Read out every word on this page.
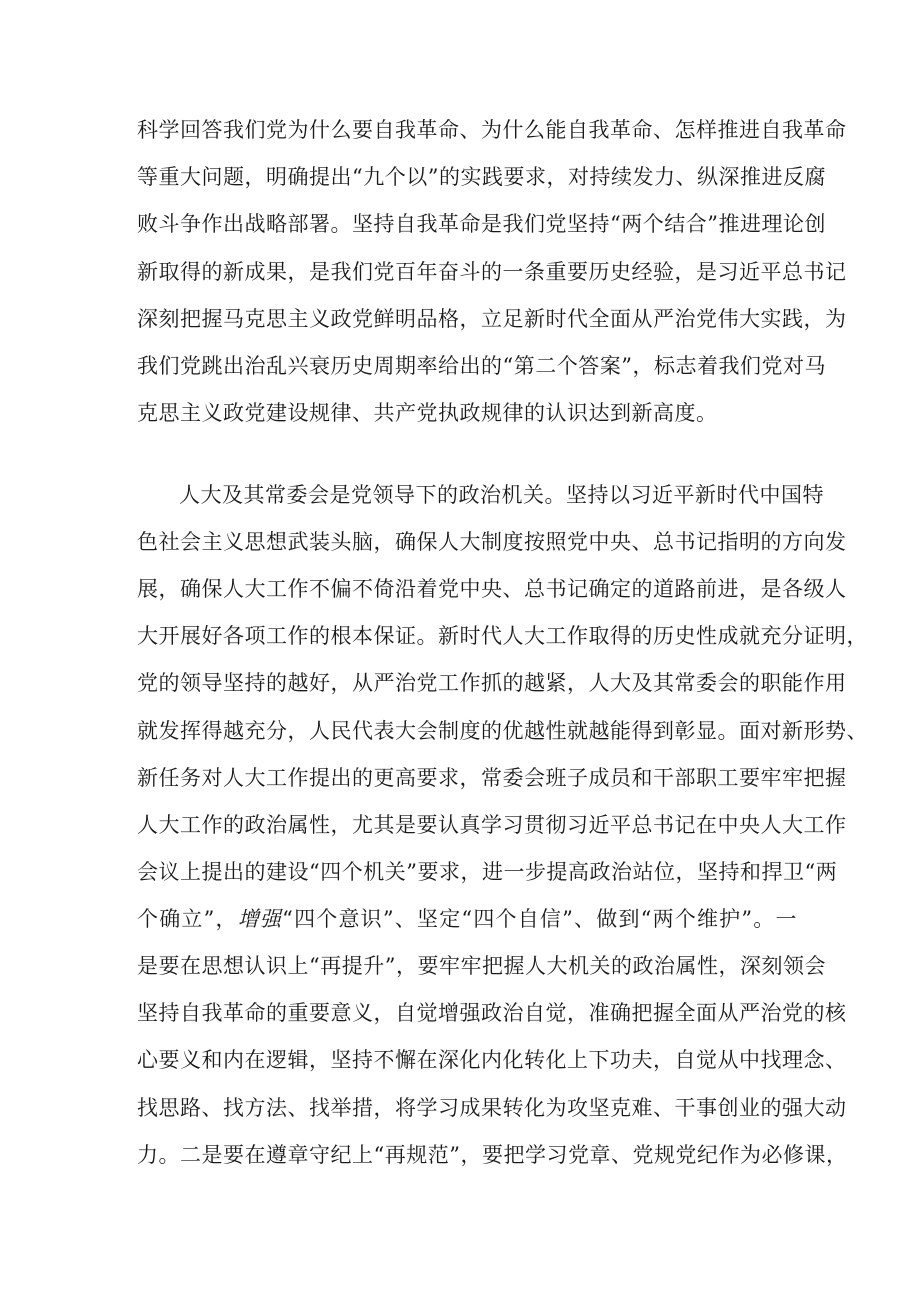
科学回答我们党为什么要自我革命、为什么能自我革命、怎样推进自我革命
等重大问题，明确提出“九个以”的实践要求，对持续发力、纵深推进反腐
败斗争作出战略部署。坚持自我革命是我们党坚持“两个结合”推进理论创
新取得的新成果，是我们党百年奋斗的一条重要历史经验，是习近平总书记
深刻把握马克思主义政党鲜明品格，立足新时代全面从严治党伟大实践，为
我们党跳出治乱兴衰历史周期率给出的“第二个答案”，标志着我们党对马
克思主义政党建设规律、共产党执政规律的认识达到新高度。
人大及其常委会是党领导下的政治机关。坚持以习近平新时代中国特
色社会主义思想武装头脑，确保人大制度按照党中央、总书记指明的方向发
展，确保人大工作不偏不倚沿着党中央、总书记确定的道路前进，是各级人
大开展好各项工作的根本保证。新时代人大工作取得的历史性成就充分证明，
党的领导坚持的越好，从严治党工作抓的越紧，人大及其常委会的职能作用
就发挥得越充分，人民代表大会制度的优越性就越能得到彰显。面对新形势、
新任务对人大工作提出的更高要求，常委会班子成员和干部职工要牢牢把握
人大工作的政治属性，尤其是要认真学习贯彻习近平总书记在中央人大工作
会议上提出的建设“四个机关”要求，进一步提高政治站位，坚持和捍卫“两
个确立”，增强“四个意识”、坚定“四个自信”、做到“两个维护”。一
是要在思想认识上“再提升”，要牢牢把握人大机关的政治属性，深刻领会
坚持自我革命的重要意义，自觉增强政治自觉，准确把握全面从严治党的核
心要义和内在逻辑，坚持不懈在深化内化转化上下功夫，自觉从中找理念、
找思路、找方法、找举措，将学习成果转化为攻坚克难、干事创业的强大动
力。二是要在遵章守纪上“再规范”，要把学习党章、党规党纪作为必修课，
